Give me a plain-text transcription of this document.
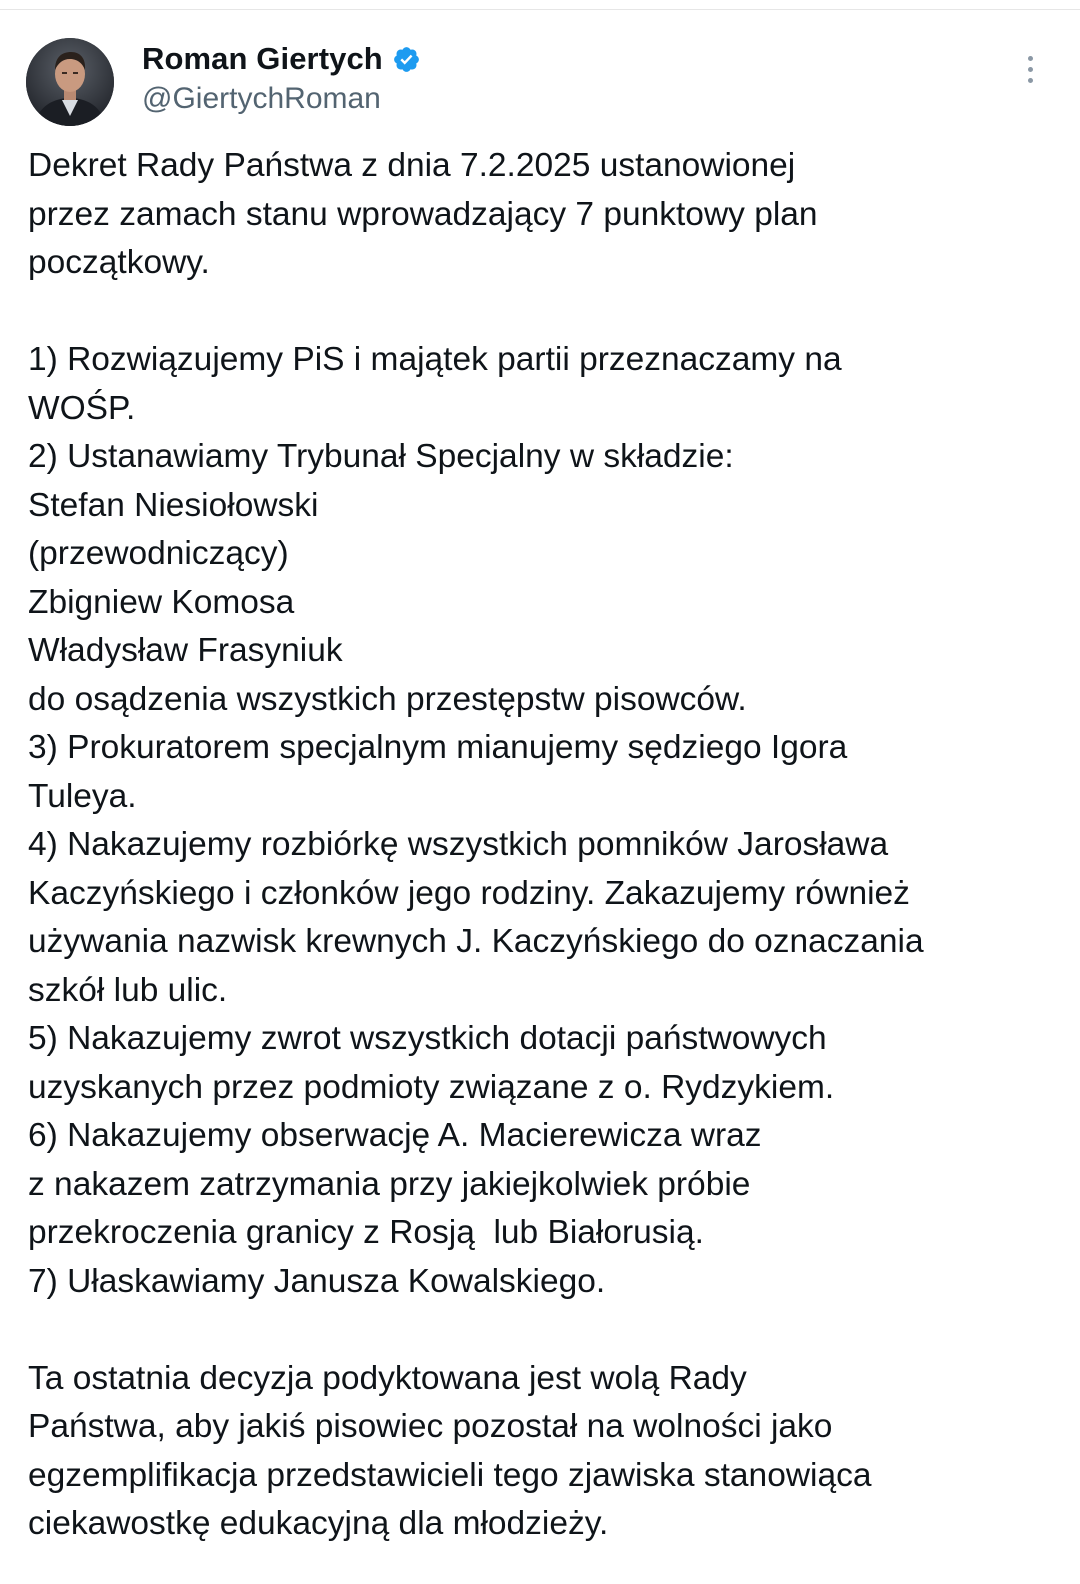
Roman Giertych
@GiertychRoman
Dekret Rady Państwa z dnia 7.2.2025 ustanowionej
przez zamach stanu wprowadzający 7 punktowy plan
początkowy.
1) Rozwiązujemy PiS i majątek partii przeznaczamy na
WOŚP.
2) Ustanawiamy Trybunał Specjalny w składzie:
Stefan Niesiołowski
(przewodniczący)
Zbigniew Komosa
Władysław Frasyniuk
do osądzenia wszystkich przestępstw pisowców.
3) Prokuratorem specjalnym mianujemy sędziego Igora
Tuleya.
4) Nakazujemy rozbiórkę wszystkich pomników Jarosława
Kaczyńskiego i członków jego rodziny. Zakazujemy również
używania nazwisk krewnych J. Kaczyńskiego do oznaczania
szkół lub ulic.
5) Nakazujemy zwrot wszystkich dotacji państwowych
uzyskanych przez podmioty związane z o. Rydzykiem.
6) Nakazujemy obserwację A. Macierewicza wraz
z nakazem zatrzymania przy jakiejkolwiek próbie
przekroczenia granicy z Rosją  lub Białorusią.
7) Ułaskawiamy Janusza Kowalskiego.
Ta ostatnia decyzja podyktowana jest wolą Rady
Państwa, aby jakiś pisowiec pozostał na wolności jako
egzemplifikacja przedstawicieli tego zjawiska stanowiąca
ciekawostkę edukacyjną dla młodzieży.
